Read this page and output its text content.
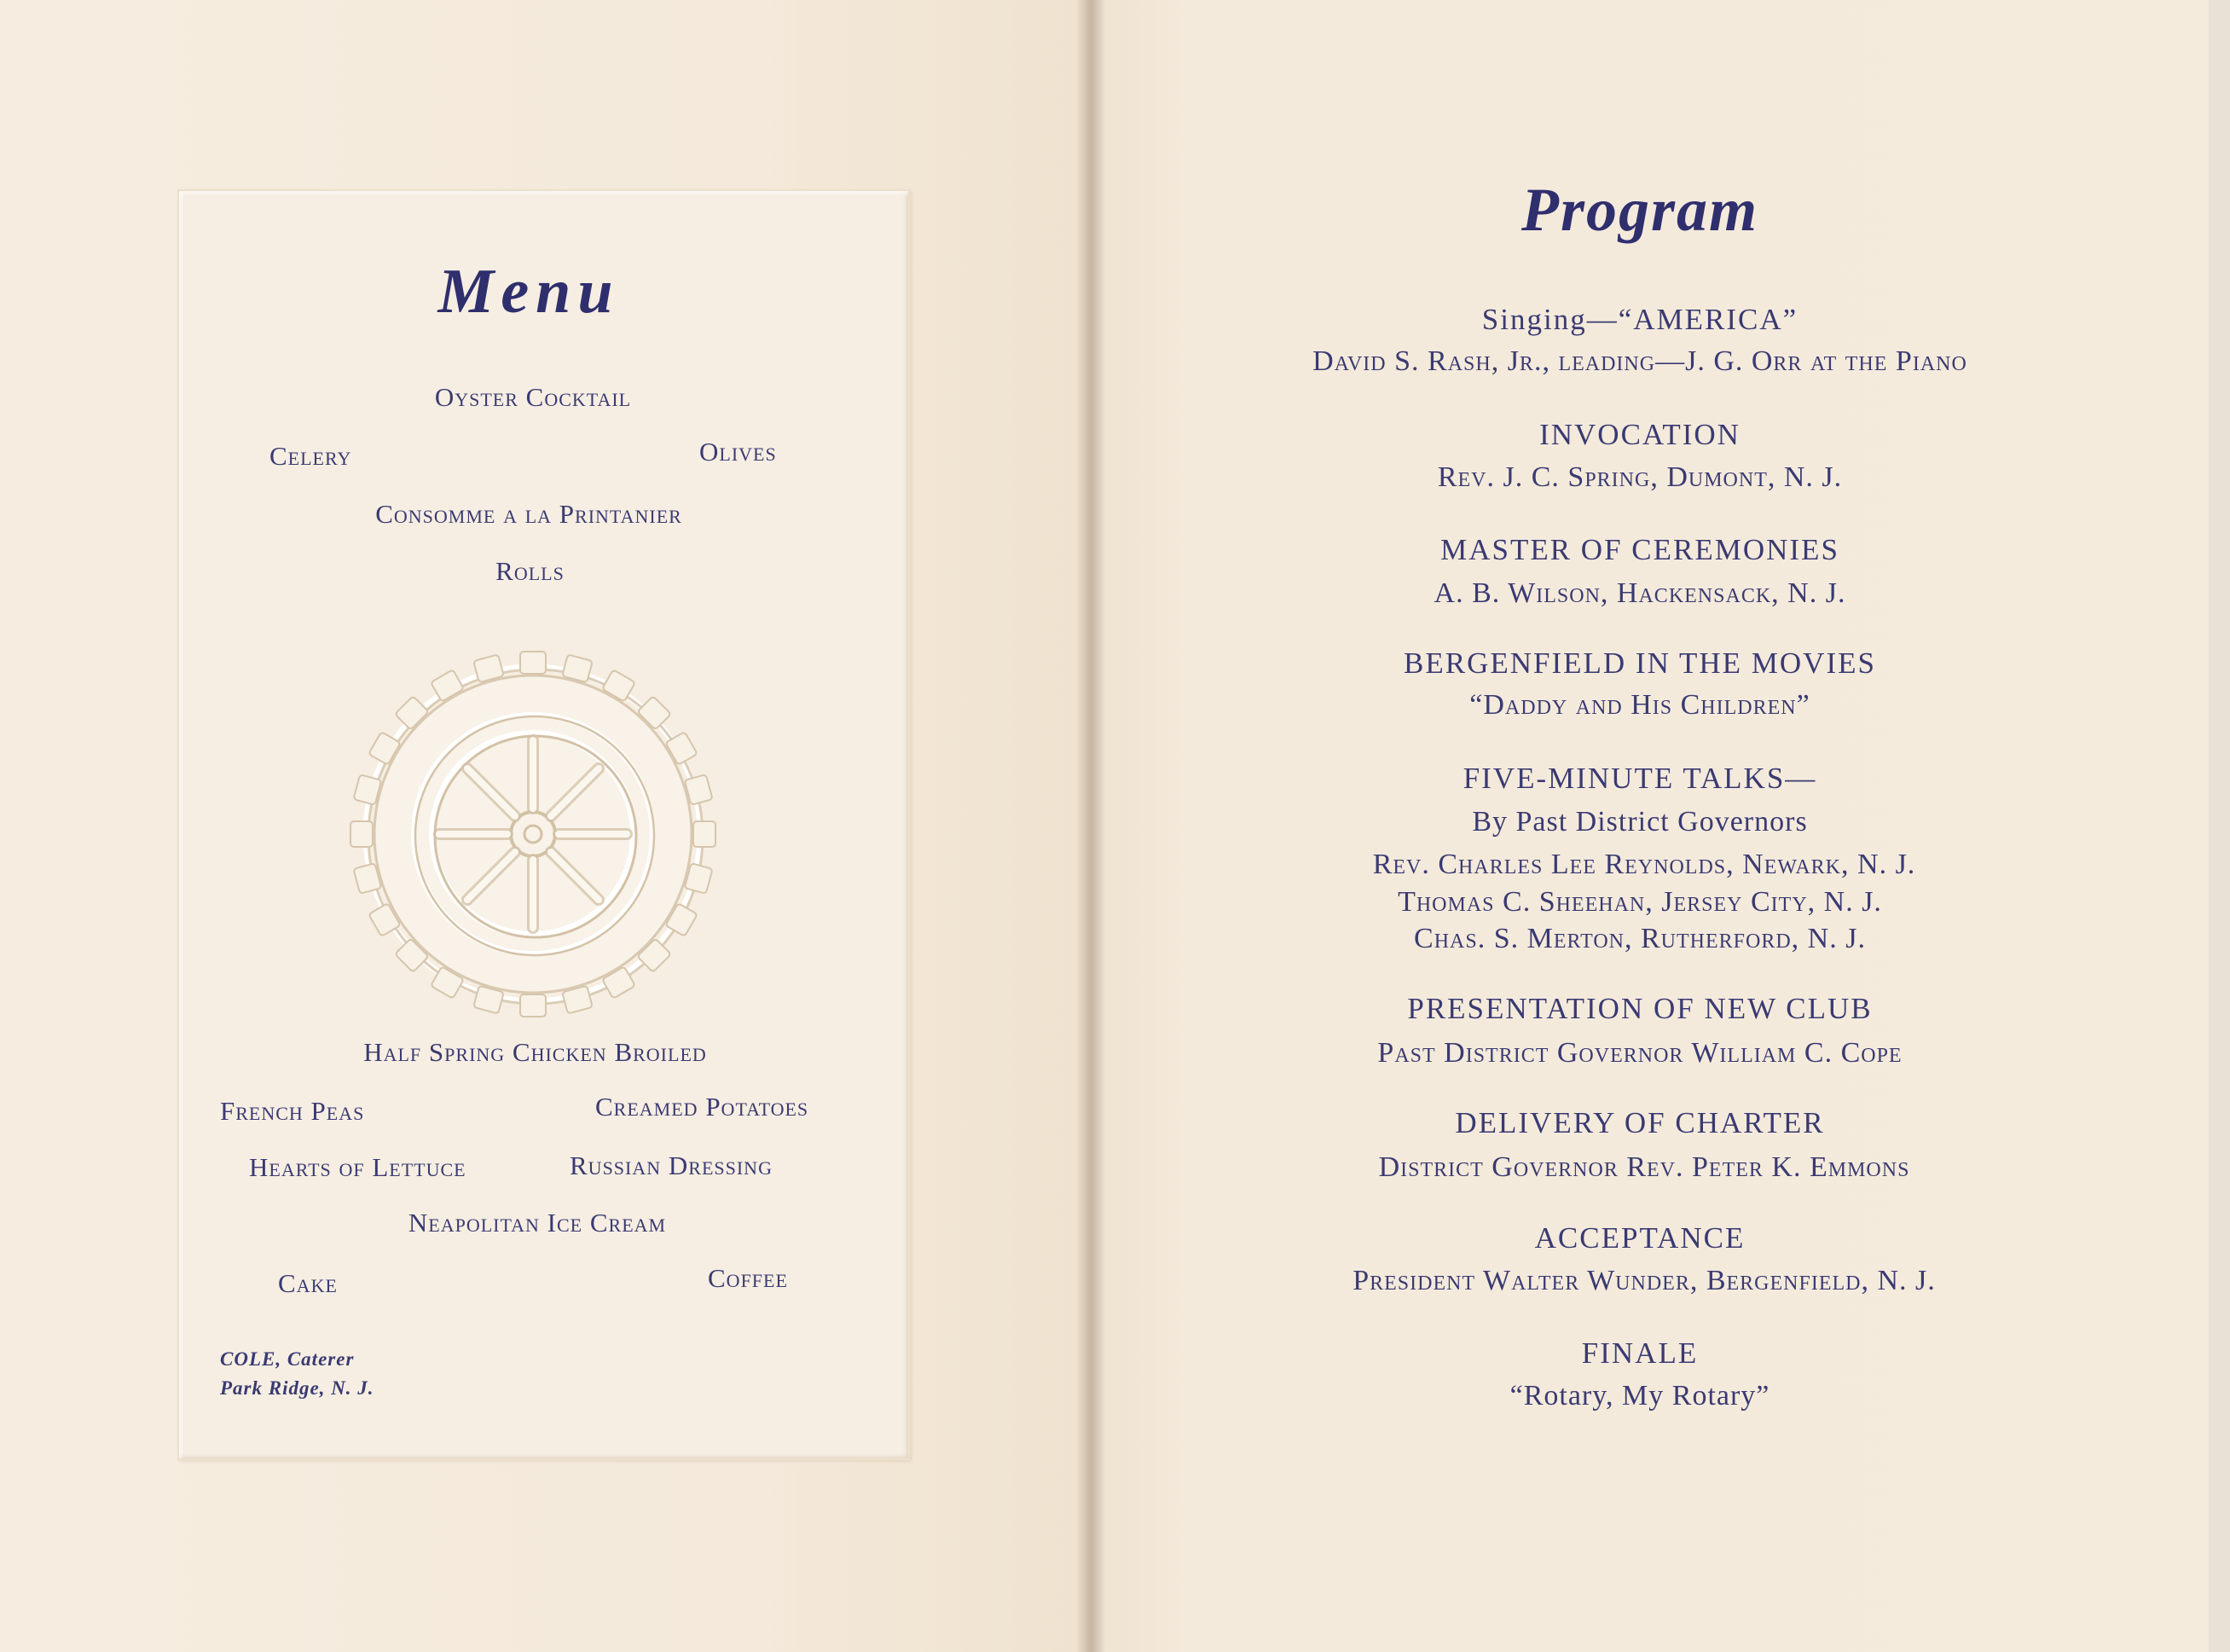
Menu
Oyster Cocktail
Celery	Olives
Consomme a la Printanier
Rolls
Half Spring Chicken Broiled
French Peas	Creamed Potatoes
Hearts of Lettuce	Russian Dressing
Neapolitan Ice Cream
Cake	Coffee
COLE, Caterer
Park Ridge, N. J.
Program
Singing—“AMERICA”
David S. Rash, Jr., leading—J. G. Orr at the Piano
INVOCATION
Rev. J. C. Spring, Dumont, N. J.
MASTER OF CEREMONIES
A. B. Wilson, Hackensack, N. J.
BERGENFIELD IN THE MOVIES
“Daddy and His Children”
FIVE-MINUTE TALKS—
By Past District Governors
Rev. Charles Lee Reynolds, Newark, N. J.
Thomas C. Sheehan, Jersey City, N. J.
Chas. S. Merton, Rutherford, N. J.
PRESENTATION OF NEW CLUB
Past District Governor William C. Cope
DELIVERY OF CHARTER
District Governor Rev. Peter K. Emmons
ACCEPTANCE
President Walter Wunder, Bergenfield, N. J.
FINALE
“Rotary, My Rotary”
